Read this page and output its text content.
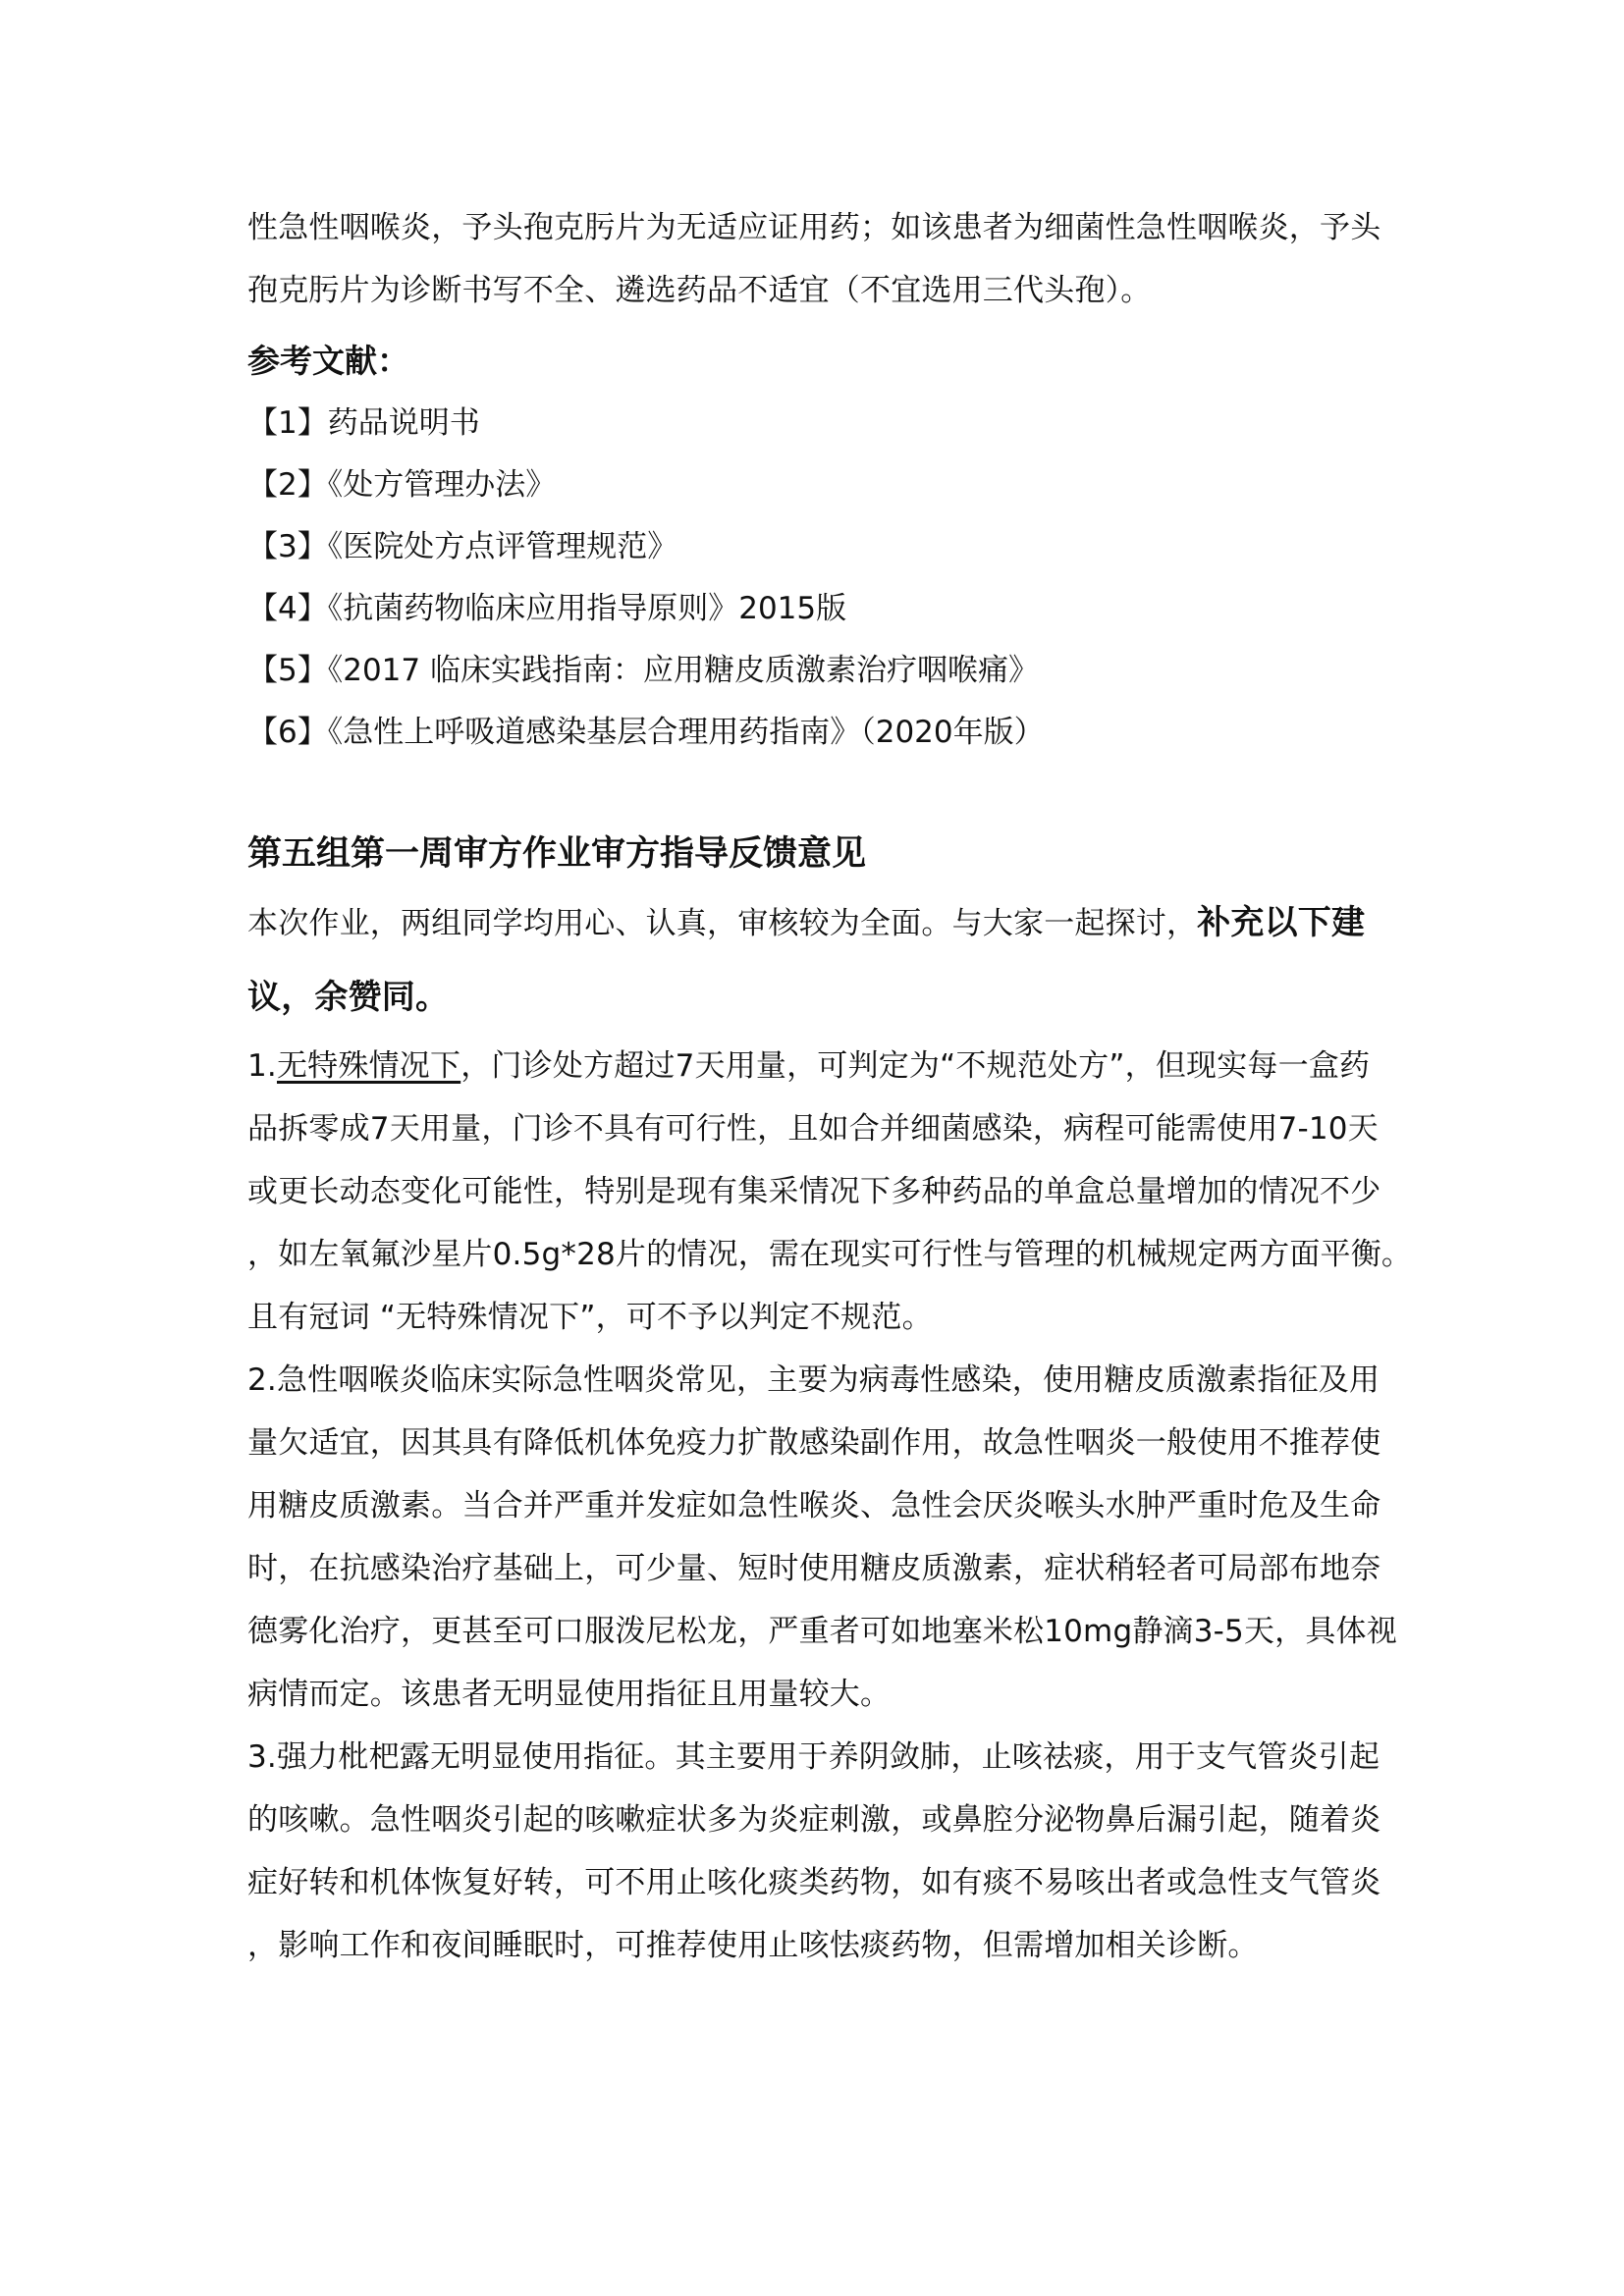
性急性咽喉炎，予头孢克肟片为无适应证用药；如该患者为细菌性急性咽喉炎，予头
孢克肟片为诊断书写不全、遴选药品不适宜（不宜选用三代头孢）。
参考文献：
【1】药品说明书
【2】《处方管理办法》
【3】《医院处方点评管理规范》
【4】《抗菌药物临床应用指导原则》2015版
【5】《2017 临床实践指南：应用糖皮质激素治疗咽喉痛》
【6】《急性上呼吸道感染基层合理用药指南》（2020年版）
第五组第一周审方作业审方指导反馈意见
本次作业，两组同学均用心、认真，审核较为全面。与大家一起探讨，补充以下建
议，余赞同。
1.无特殊情况下，门诊处方超过7天用量，可判定为“不规范处方”，但现实每一盒药
品拆零成7天用量，门诊不具有可行性，且如合并细菌感染，病程可能需使用7-10天
或更长动态变化可能性，特别是现有集采情况下多种药品的单盒总量增加的情况不少
，如左氧氟沙星片0.5g*28片的情况，需在现实可行性与管理的机械规定两方面平衡。
且有冠词 “无特殊情况下”，可不予以判定不规范。
2.急性咽喉炎临床实际急性咽炎常见，主要为病毒性感染，使用糖皮质激素指征及用
量欠适宜，因其具有降低机体免疫力扩散感染副作用，故急性咽炎一般使用不推荐使
用糖皮质激素。当合并严重并发症如急性喉炎、急性会厌炎喉头水肿严重时危及生命
时，在抗感染治疗基础上，可少量、短时使用糖皮质激素，症状稍轻者可局部布地奈
德雾化治疗，更甚至可口服泼尼松龙，严重者可如地塞米松10mg静滴3-5天，具体视
病情而定。该患者无明显使用指征且用量较大。
3.强力枇杷露无明显使用指征。其主要用于养阴敛肺，止咳祛痰，用于支气管炎引起
的咳嗽。急性咽炎引起的咳嗽症状多为炎症刺激，或鼻腔分泌物鼻后漏引起，随着炎
症好转和机体恢复好转，可不用止咳化痰类药物，如有痰不易咳出者或急性支气管炎
，影响工作和夜间睡眠时，可推荐使用止咳怯痰药物，但需增加相关诊断。
